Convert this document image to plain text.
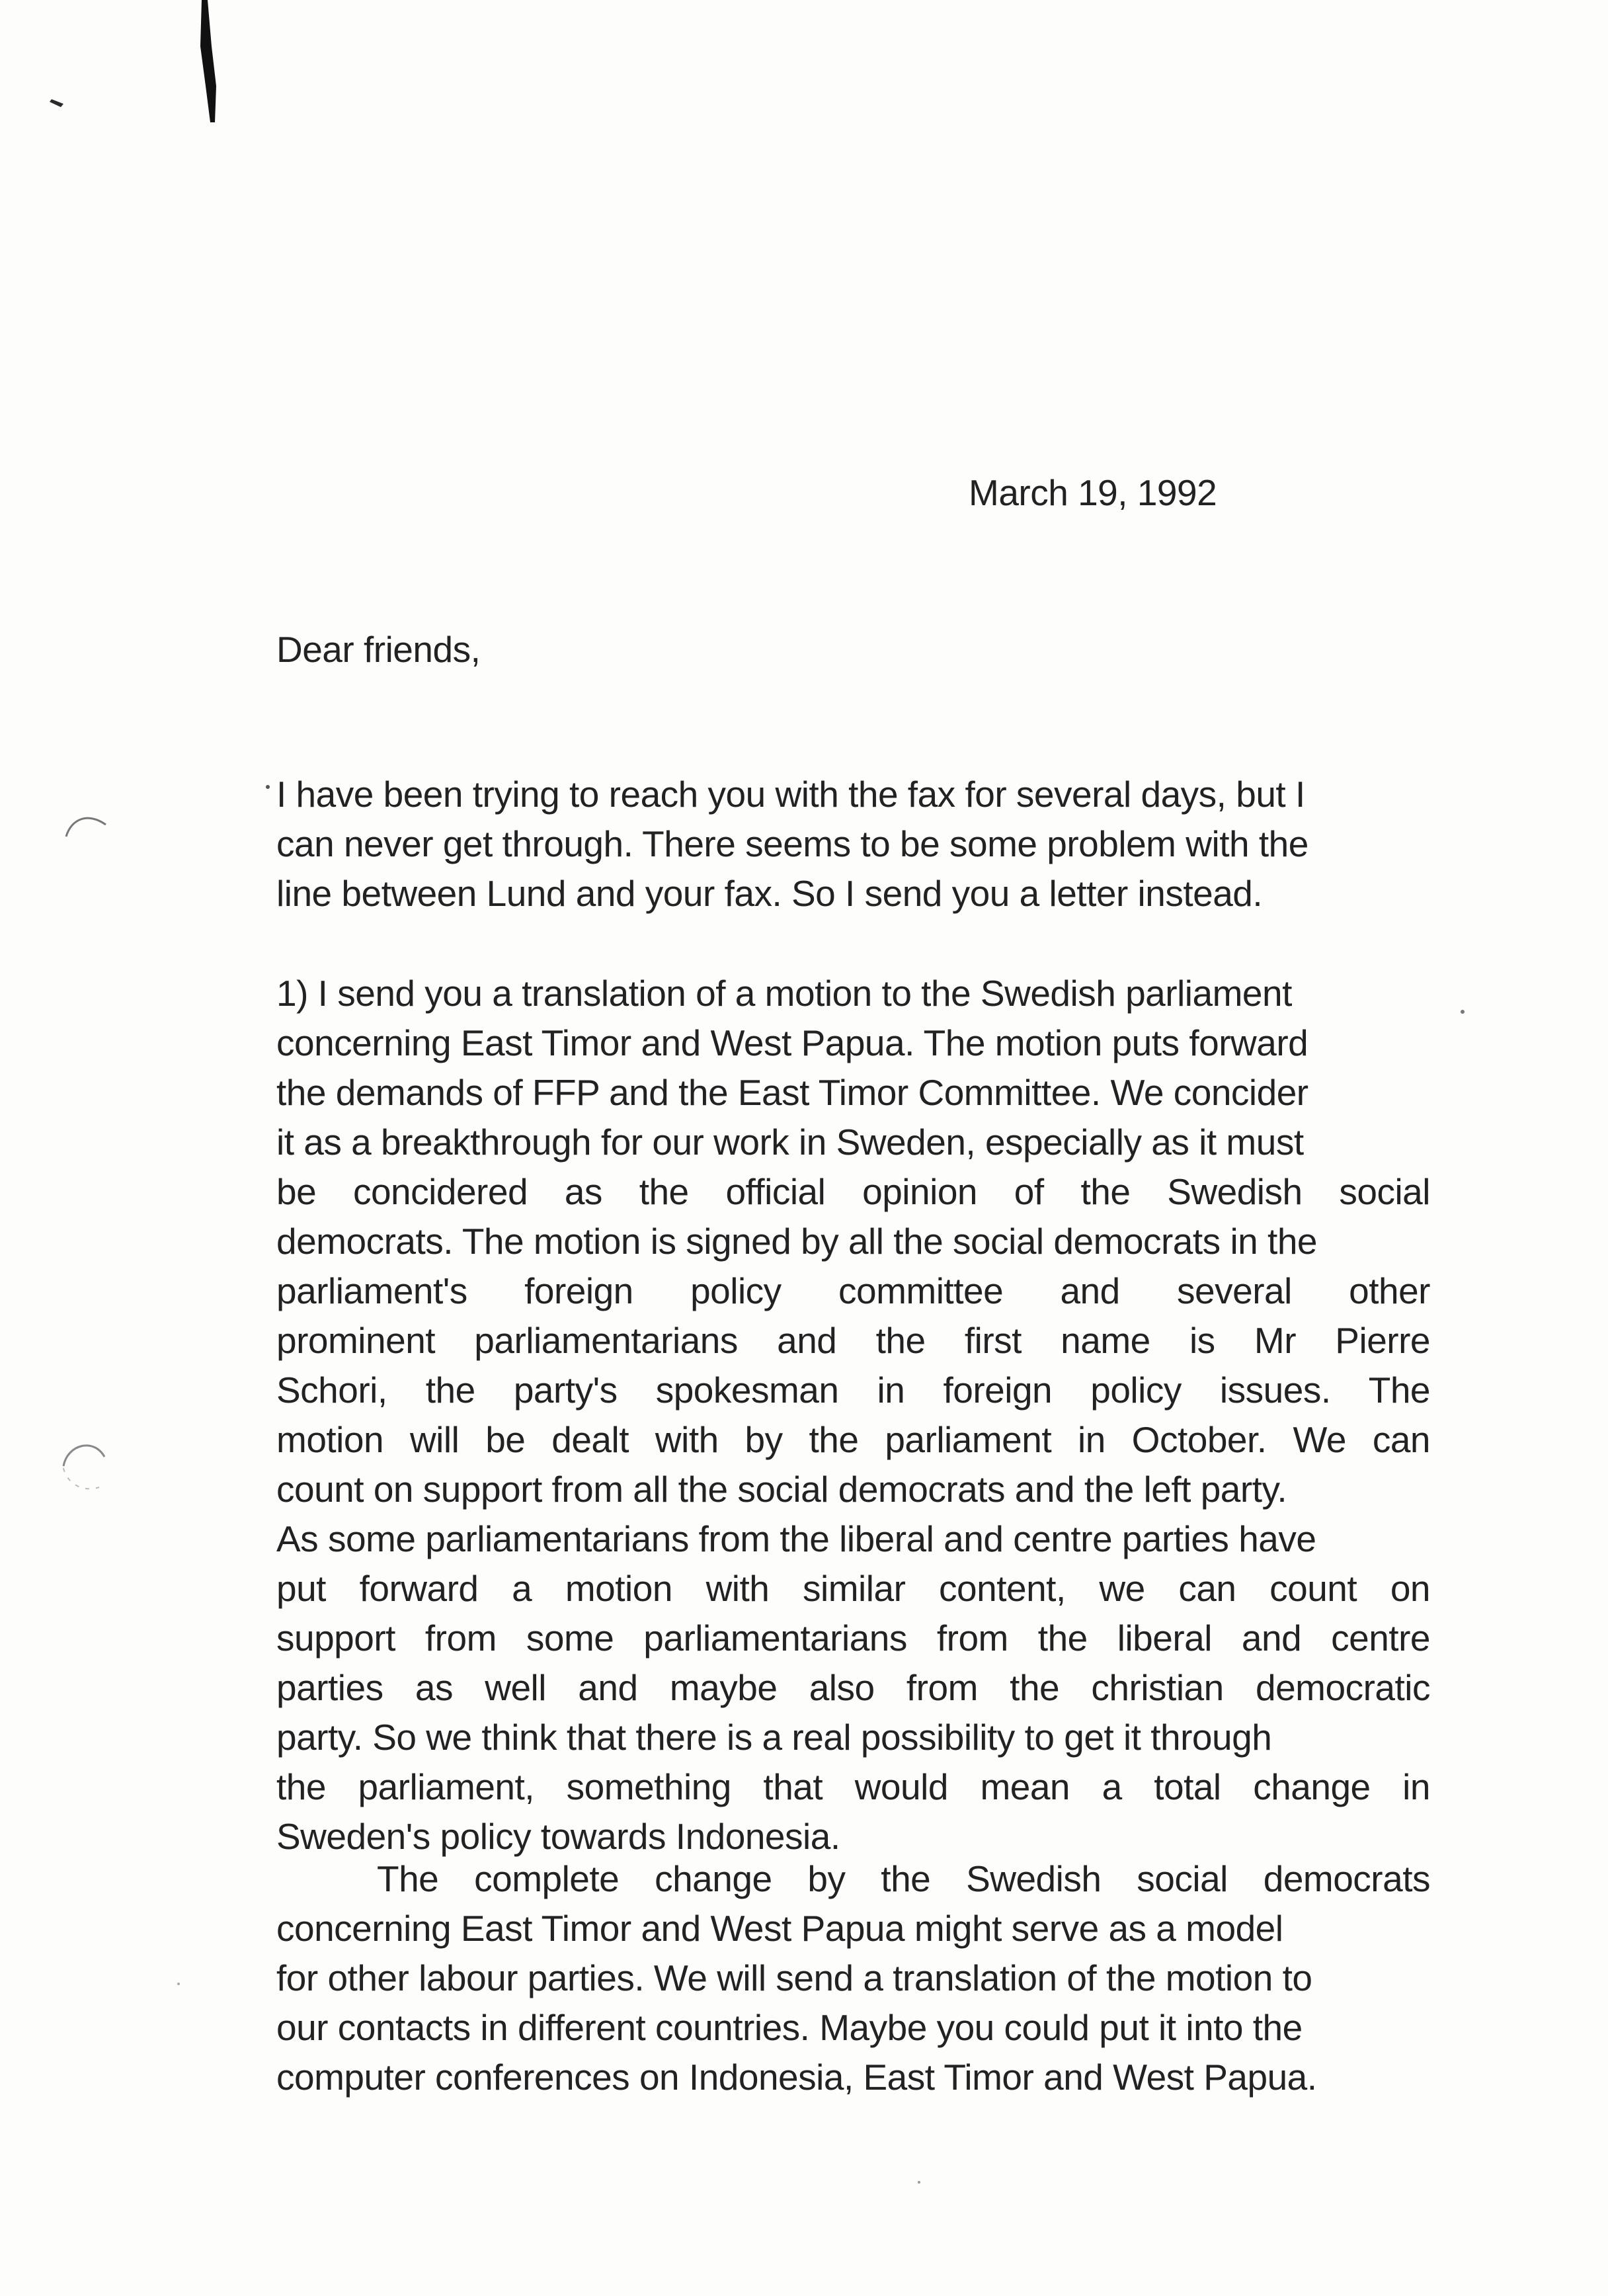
March 19, 1992
Dear friends,
I have been trying to reach you with the fax for several days, but I
can never get through. There seems to be some problem with the
line between Lund and your fax. So I send you a letter instead.
1) I send you a translation of a motion to the Swedish parliament
concerning East Timor and West Papua. The motion puts forward
the demands of FFP and the East Timor Committee. We concider
it as a breakthrough for our work in Sweden, especially as it must
be concidered as the official opinion of the Swedish social
democrats. The motion is signed by all the social democrats in the
parliament's foreign policy committee and several other
prominent parliamentarians and the first name is Mr Pierre
Schori, the party's spokesman in foreign policy issues. The
motion will be dealt with by the parliament in October. We can
count on support from all the social democrats and the left party.
As some parliamentarians from the liberal and centre parties have
put forward a motion with similar content, we can count on
support from some parliamentarians from the liberal and centre
parties as well and maybe also from the christian democratic
party. So we think that there is a real possibility to get it through
the parliament, something that would mean a total change in
Sweden's policy towards Indonesia.
The complete change by the Swedish social democrats
concerning East Timor and West Papua might serve as a model
for other labour parties. We will send a translation of the motion to
our contacts in different countries. Maybe you could put it into the
computer conferences on Indonesia, East Timor and West Papua.
